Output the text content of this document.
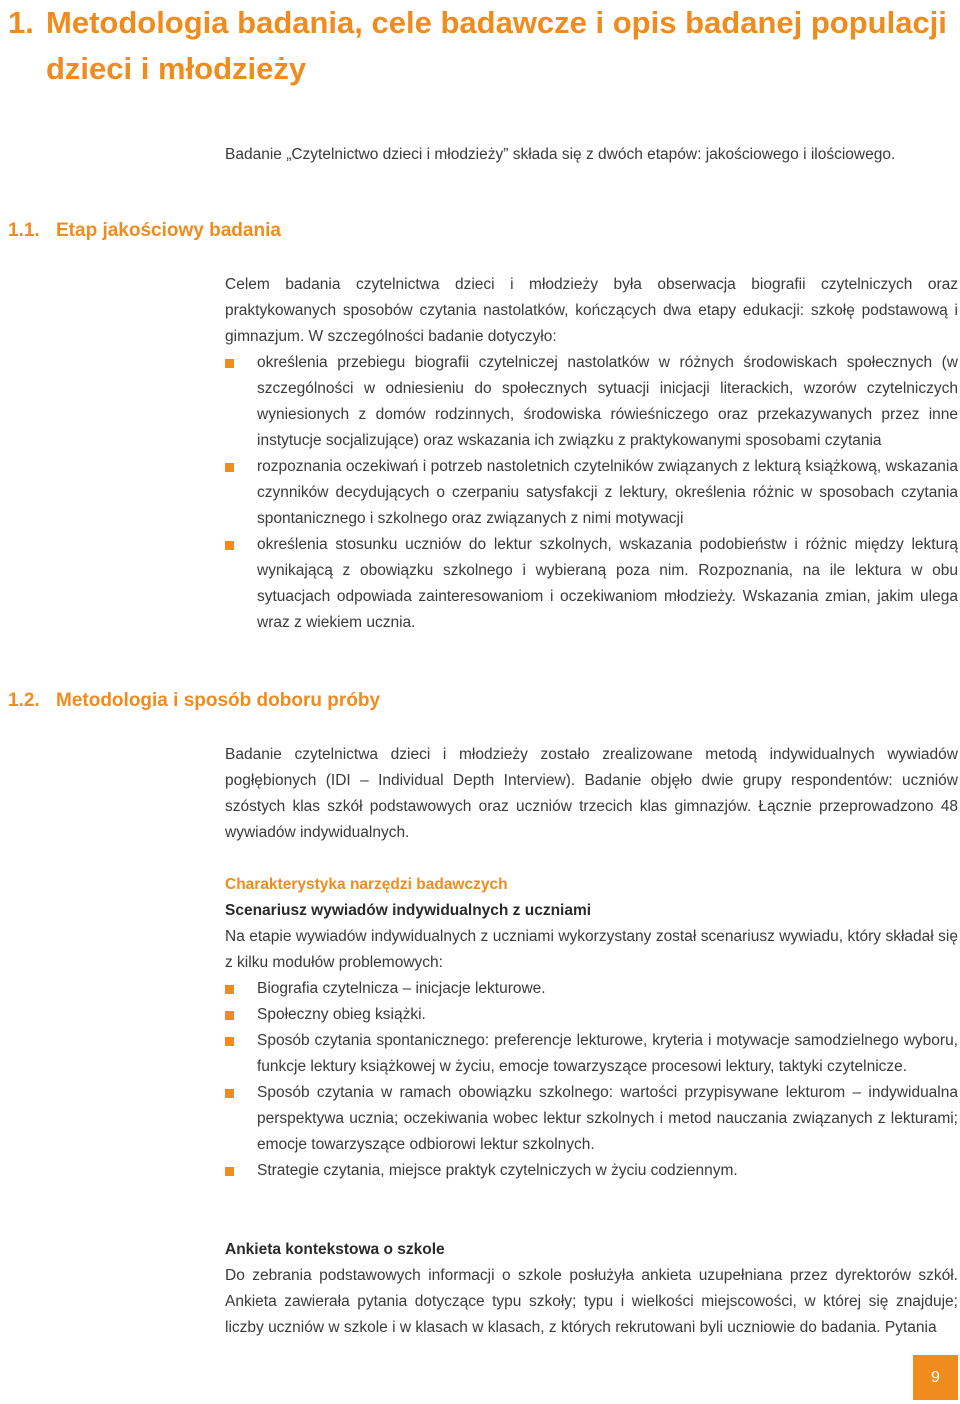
1. Metodologia badania, cele badawcze i opis badanej populacji
dzieci i młodzieży

Badanie „Czytelnictwo dzieci i młodzieży” składa się z dwóch etapów: jakościowego i ilościowego.

1.1. Etap jakościowy badania

Celem badania czytelnictwa dzieci i młodzieży była obserwacja biografii czytelniczych oraz praktykowanych sposobów czytania nastolatków, kończących dwa etapy edukacji: szkołę podstawową i gimnazjum. W szczególności badanie dotyczyło:

określenia przebiegu biografii czytelniczej nastolatków w różnych środowiskach społecznych (w szczególności w odniesieniu do społecznych sytuacji inicjacji literackich, wzorów czytelniczych wyniesionych z domów rodzinnych, środowiska rówieśniczego oraz przekazywanych przez inne instytucje socjalizujące) oraz wskazania ich związku z praktykowanymi sposobami czytania
rozpoznania oczekiwań i potrzeb nastoletnich czytelników związanych z lekturą książkową, wskazania czynników decydujących o czerpaniu satysfakcji z lektury, określenia różnic w sposobach czytania spontanicznego i szkolnego oraz związanych z nimi motywacji
określenia stosunku uczniów do lektur szkolnych, wskazania podobieństw i różnic między lekturą wynikającą z obowiązku szkolnego i wybieraną poza nim. Rozpoznania, na ile lektura w obu sytuacjach odpowiada zainteresowaniom i oczekiwaniom młodzieży. Wskazania zmian, jakim ulega wraz z wiekiem ucznia.
1.2. Metodologia i sposób doboru próby

Badanie czytelnictwa dzieci i młodzieży zostało zrealizowane metodą indywidualnych wywiadów pogłębionych (IDI – Individual Depth Interview). Badanie objęło dwie grupy respondentów: uczniów szóstych klas szkół podstawowych oraz uczniów trzecich klas gimnazjów. Łącznie przeprowadzono 48 wywiadów indywidualnych.

Charakterystyka narzędzi badawczych

Scenariusz wywiadów indywidualnych z uczniami

Na etapie wywiadów indywidualnych z uczniami wykorzystany został scenariusz wywiadu, który składał się z kilku modułów problemowych:

Biografia czytelnicza – inicjacje lekturowe.
Społeczny obieg książki.
Sposób czytania spontanicznego: preferencje lekturowe, kryteria i motywacje samodzielnego wyboru, funkcje lektury książkowej w życiu, emocje towarzyszące procesowi lektury, taktyki czytelnicze.
Sposób czytania w ramach obowiązku szkolnego: wartości przypisywane lekturom – indywidualna perspektywa ucznia; oczekiwania wobec lektur szkolnych i metod nauczania związanych z lekturami; emocje towarzyszące odbiorowi lektur szkolnych.
Strategie czytania, miejsce praktyk czytelniczych w życiu codziennym.

Ankieta kontekstowa o szkole

Do zebrania podstawowych informacji o szkole posłużyła ankieta uzupełniana przez dyrektorów szkół. Ankieta zawierała pytania dotyczące typu szkoły; typu i wielkości miejscowości, w której się znajduje; liczby uczniów w szkole i w klasach w klasach, z których rekrutowani byli uczniowie do badania. Pytania

9
